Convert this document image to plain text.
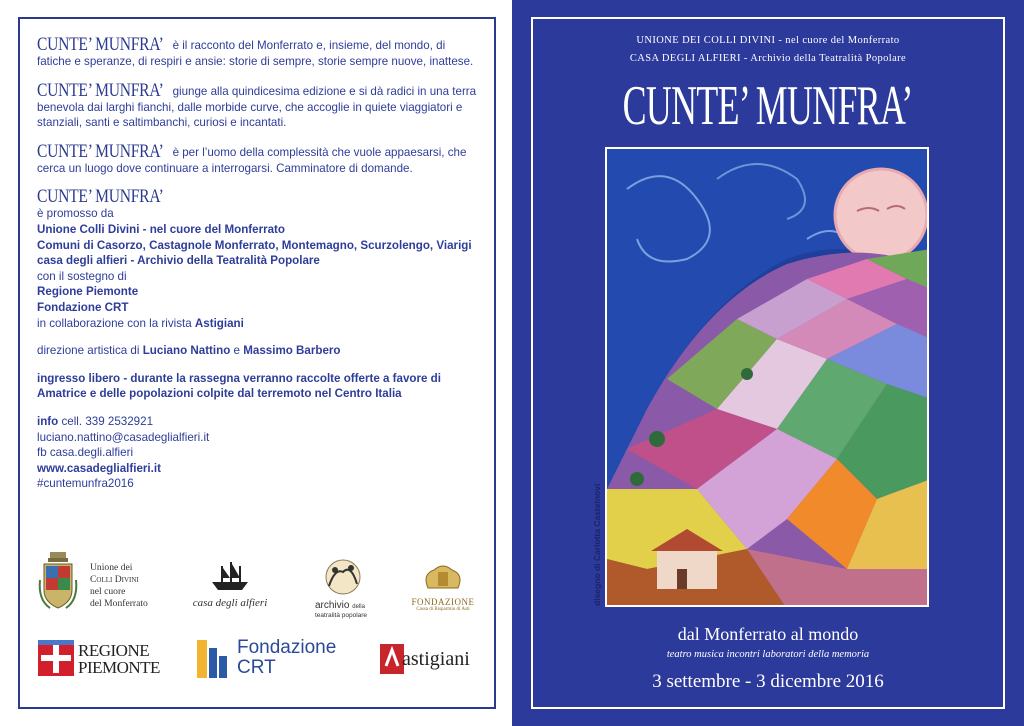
CUNTE’ MUNFRA’ è il racconto del Monferrato e, insieme, del mondo, di fatiche e speranze, di respiri e ansie: storie di sempre, storie sempre nuove, inattese.
CUNTE’ MUNFRA’ giunge alla quindicesima edizione e si dà radici in una terra benevola dai larghi fianchi, dalle morbide curve, che accoglie in quiete viaggiatori e stanziali, santi e saltimbanchi, curiosi e incantati.
CUNTE’ MUNFRA’ è per l’uomo della complessità che vuole appaesarsi, che cerca un luogo dove continuare a interrogarsi. Camminatore di domande.
CUNTE’ MUNFRA’
è promosso da
Unione Colli Divini - nel cuore del Monferrato
Comuni di Casorzo, Castagnole Monferrato, Montemagno, Scurzolengo, Viarigi
casa degli alfieri - Archivio della Teatralità Popolare
con il sostegno di
Regione Piemonte
Fondazione CRT
in collaborazione con la rivista Astigiani
direzione artistica di Luciano Nattino e Massimo Barbero
ingresso libero - durante la rassegna verranno raccolte offerte a favore di Amatrice e delle popolazioni colpite dal terremoto nel Centro Italia
info cell. 339 2532921
luciano.nattino@casadeglialfieri.it
fb casa.degli.alfieri
www.casadeglialfieri.it
#cuntemunfra2016
Unione dei
Colli Divini
nel cuore
del Monferrato	casa degli alfieri	archivio della
teatralità popolare
FONDAZIONE
Cassa di Risparmio di Asti
REGIONE
PIEMONTE
Fondazione
CRT	astigiani
UNIONE DEI COLLI DIVINI - nel cuore del Monferrato
CASA DEGLI ALFIERI - Archivio della Teatralità Popolare
CUNTE’ MUNFRA’
disegno di Carlotta Castelnovi
dal Monferrato al mondo
teatro musica incontri laboratori della memoria
3 settembre - 3 dicembre 2016
